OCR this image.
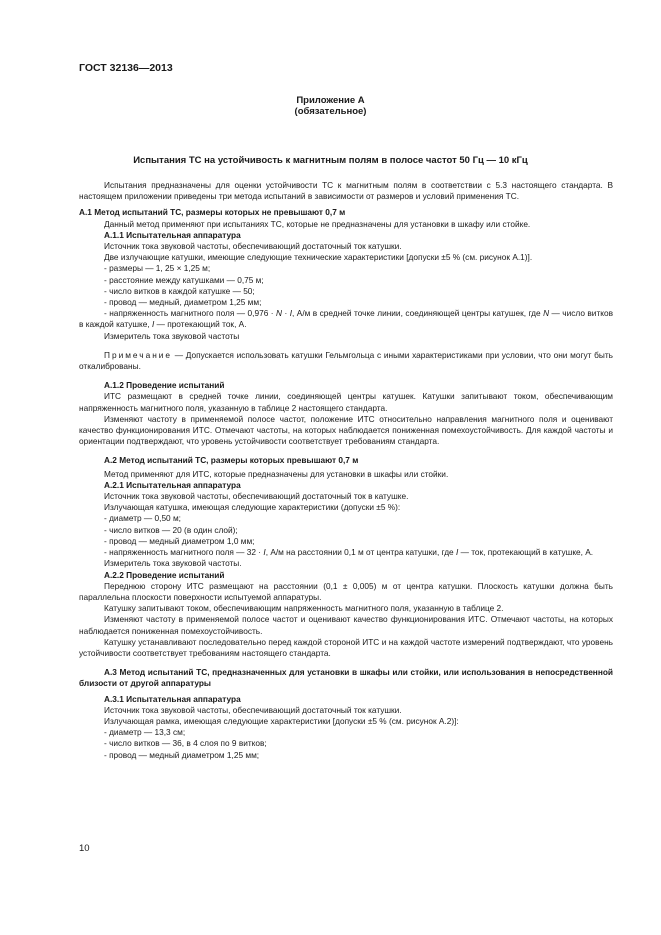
ГОСТ 32136—2013
Приложение А
(обязательное)
Испытания ТС на устойчивость к магнитным полям в полосе частот 50 Гц — 10 кГц

Испытания предназначены для оценки устойчивости ТС к магнитным полям в соответствии с 5.3 настоящего стандарта. В настоящем приложении приведены три метода испытаний в зависимости от размеров и условий применения ТС.

А.1 Метод испытаний ТС, размеры которых не превышают 0,7 м

Данный метод применяют при испытаниях ТС, которые не предназначены для установки в шкафу или стойке.

А.1.1 Испытательная аппаратура

Источник тока звуковой частоты, обеспечивающий достаточный ток катушки.

Две излучающие катушки, имеющие следующие технические характеристики [допуски ±5 % (см. рисунок А.1)].

- размеры — 1, 25 × 1,25 м;

- расстояние между катушками — 0,75 м;

- число витков в каждой катушке — 50;

- провод — медный, диаметром 1,25 мм;

- напряженность магнитного поля — 0,976 · N · I, А/м в средней точке линии, соединяющей центры катушек, где N — число витков в каждой катушке, I — протекающий ток, А.

Измеритель тока звуковой частоты

Примечание — Допускается использовать катушки Гельмгольца с иными характеристиками при условии, что они могут быть откалиброваны.

А.1.2 Проведение испытаний

ИТС размещают в средней точке линии, соединяющей центры катушек. Катушки запитывают током, обеспечивающим напряженность магнитного поля, указанную в таблице 2 настоящего стандарта.

Изменяют частоту в применяемой полосе частот, положение ИТС относительно направления магнитного поля и оценивают качество функционирования ИТС. Отмечают частоты, на которых наблюдается пониженная помехоустойчивость. Для каждой частоты и ориентации подтверждают, что уровень устойчивости соответствует требованиям стандарта.

А.2 Метод испытаний ТС, размеры которых превышают 0,7 м

Метод применяют для ИТС, которые предназначены для установки в шкафы или стойки.

А.2.1 Испытательная аппаратура

Источник тока звуковой частоты, обеспечивающий достаточный ток в катушке.

Излучающая катушка, имеющая следующие характеристики (допуски ±5 %):

- диаметр — 0,50 м;

- число витков — 20 (в один слой);

- провод — медный диаметром 1,0 мм;

- напряженность магнитного поля — 32 · I, А/м на расстоянии 0,1 м от центра катушки, где I — ток, протекающий в катушке, А.

Измеритель тока звуковой частоты.

А.2.2 Проведение испытаний

Переднюю сторону ИТС размещают на расстоянии (0,1 ± 0,005) м от центра катушки. Плоскость катушки должна быть параллельна плоскости поверхности испытуемой аппаратуры.

Катушку запитывают током, обеспечивающим напряженность магнитного поля, указанную в таблице 2.

Изменяют частоту в применяемой полосе частот и оценивают качество функционирования ИТС. Отмечают частоты, на которых наблюдается пониженная помехоустойчивость.

Катушку устанавливают последовательно перед каждой стороной ИТС и на каждой частоте измерений подтверждают, что уровень устойчивости соответствует требованиям настоящего стандарта.

А.3 Метод испытаний ТС, предназначенных для установки в шкафы или стойки, или использования в непосредственной близости от другой аппаратуры

А.3.1 Испытательная аппаратура

Источник тока звуковой частоты, обеспечивающий достаточный ток катушки.

Излучающая рамка, имеющая следующие характеристики [допуски ±5 % (см. рисунок А.2)]:

- диаметр — 13,3 см;

- число витков — 36, в 4 слоя по 9 витков;

- провод — медный диаметром 1,25 мм;

10
